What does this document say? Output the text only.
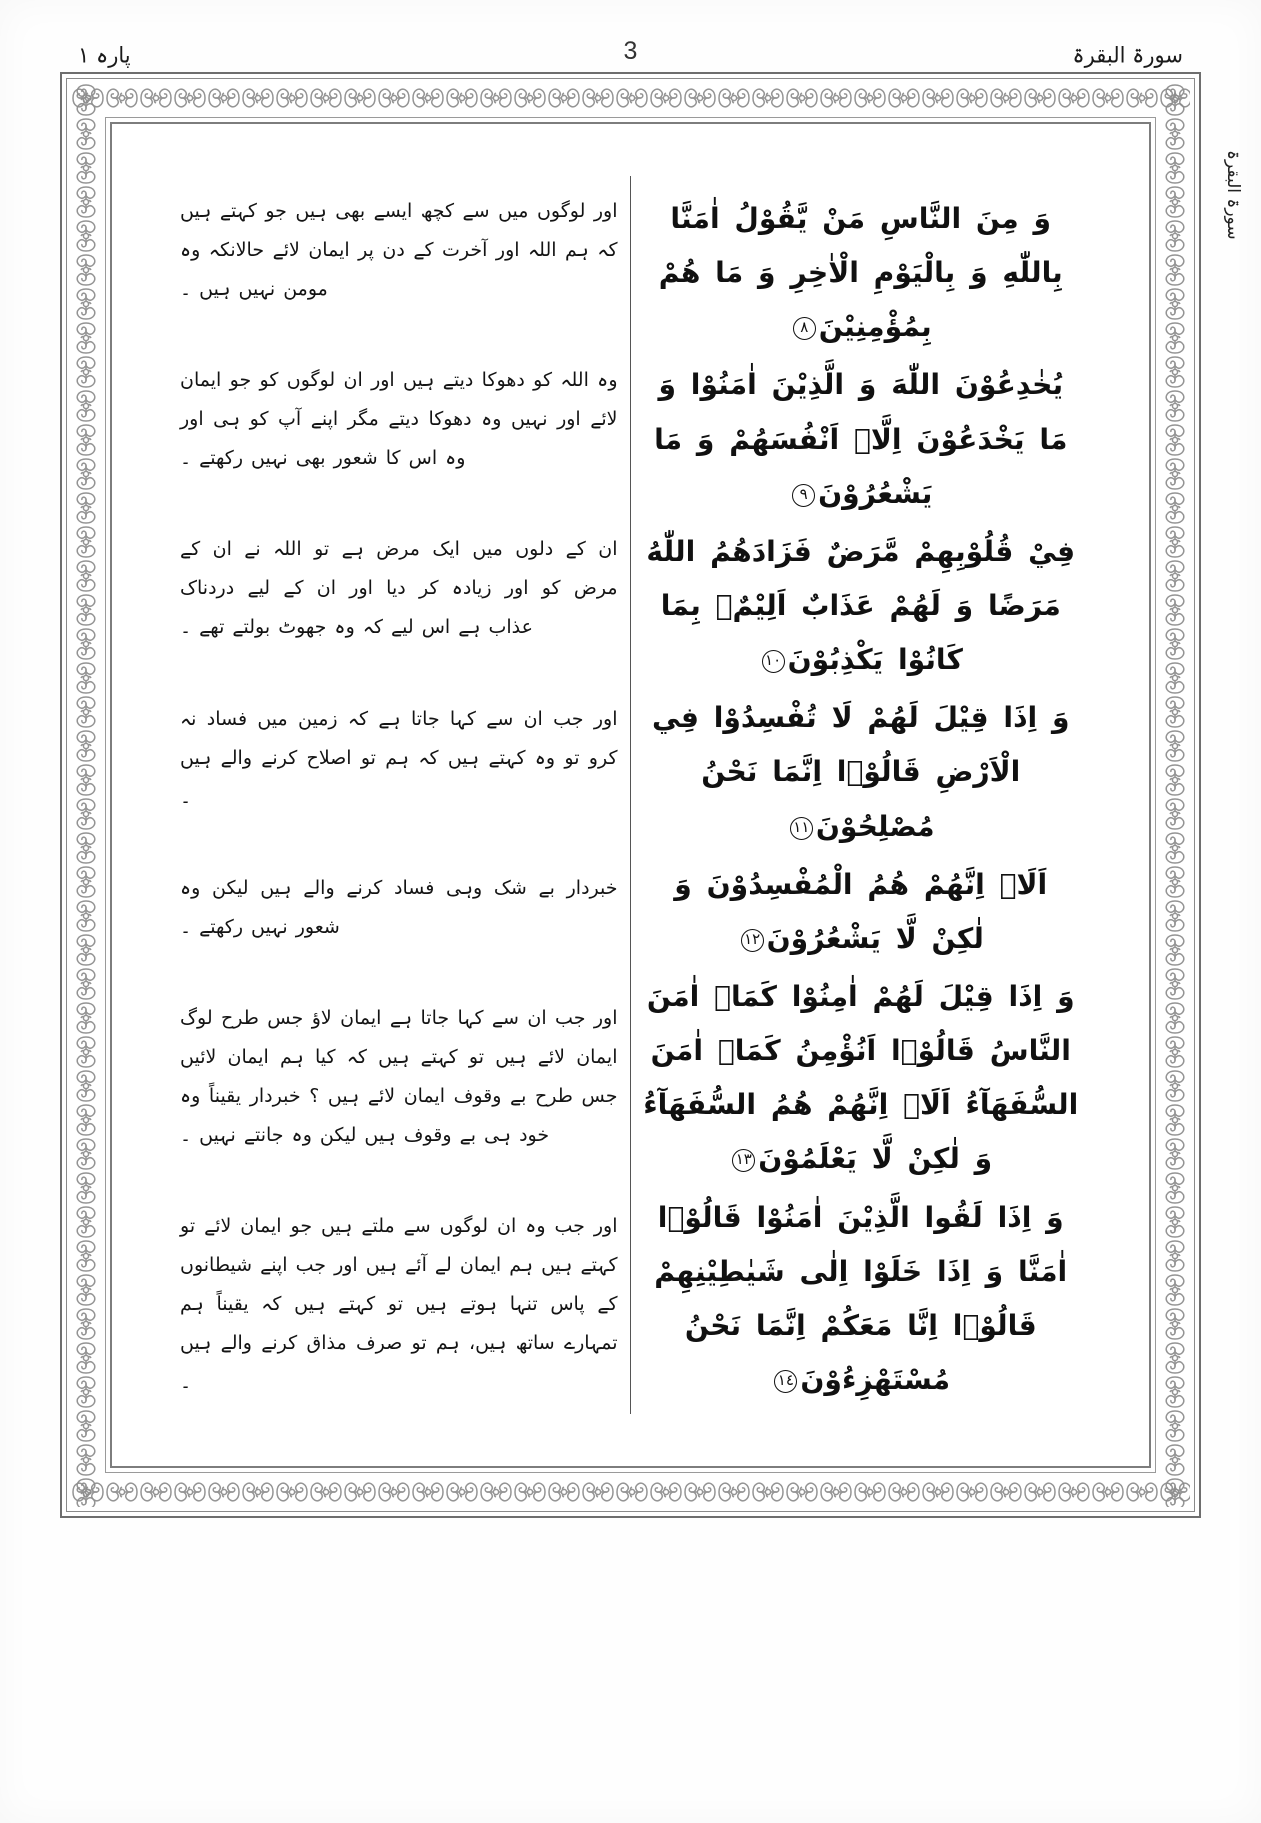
سورۃ البقرۃ
پارہ ١	3
وَ مِنَ النَّاسِ مَنْ يَّقُوْلُ اٰمَنَّا بِاللّٰهِ وَ بِالْيَوْمِ الْاٰخِرِ وَ مَا هُمْ بِمُؤْمِنِيْنَ٨
يُخٰدِعُوْنَ اللّٰهَ وَ الَّذِيْنَ اٰمَنُوْا وَ مَا يَخْدَعُوْنَ اِلَّاۤ اَنْفُسَهُمْ وَ مَا يَشْعُرُوْنَ٩
فِيْ قُلُوْبِهِمْ مَّرَضٌ فَزَادَهُمُ اللّٰهُ مَرَضًا وَ لَهُمْ عَذَابٌ اَلِيْمٌۢ بِمَا كَانُوْا يَكْذِبُوْنَ١٠
وَ اِذَا قِيْلَ لَهُمْ لَا تُفْسِدُوْا فِي الْاَرْضِ قَالُوْۤا اِنَّمَا نَحْنُ مُصْلِحُوْنَ١١
اَلَاۤ اِنَّهُمْ هُمُ الْمُفْسِدُوْنَ وَ لٰكِنْ لَّا يَشْعُرُوْنَ١٢
وَ اِذَا قِيْلَ لَهُمْ اٰمِنُوْا كَمَاۤ اٰمَنَ النَّاسُ قَالُوْۤا اَنُؤْمِنُ كَمَاۤ اٰمَنَ السُّفَهَآءُ اَلَاۤ اِنَّهُمْ هُمُ السُّفَهَآءُ وَ لٰكِنْ لَّا يَعْلَمُوْنَ١٣
وَ اِذَا لَقُوا الَّذِيْنَ اٰمَنُوْا قَالُوْۤا اٰمَنَّا وَ اِذَا خَلَوْا اِلٰى شَيٰطِيْنِهِمْ قَالُوْۤا اِنَّا مَعَكُمْ اِنَّمَا نَحْنُ مُسْتَهْزِءُوْنَ١٤
اور لوگوں میں سے کچھ ایسے بھی ہیں جو کہتے ہیں کہ ہم اللہ اور آخرت کے دن پر ایمان لائے حالانکہ وہ مومن نہیں ہیں ۔
وہ اللہ کو دھوکا دیتے ہیں اور ان لوگوں کو جو ایمان لائے اور نہیں وہ دھوکا دیتے مگر اپنے آپ کو ہی اور وہ اس کا شعور بھی نہیں رکھتے ۔
ان کے دلوں میں ایک مرض ہے تو اللہ نے ان کے مرض کو اور زیادہ کر دیا اور ان کے لیے دردناک عذاب ہے اس لیے کہ وہ جھوٹ بولتے تھے ۔
اور جب ان سے کہا جاتا ہے کہ زمین میں فساد نہ کرو تو وہ کہتے ہیں کہ ہم تو اصلاح کرنے والے ہیں ۔
خبردار بے شک وہی فساد کرنے والے ہیں لیکن وہ شعور نہیں رکھتے ۔
اور جب ان سے کہا جاتا ہے ایمان لاؤ جس طرح لوگ ایمان لائے ہیں تو کہتے ہیں کہ کیا ہم ایمان لائیں جس طرح بے وقوف ایمان لائے ہیں ؟ خبردار یقیناً وہ خود ہی بے وقوف ہیں لیکن وہ جانتے نہیں ۔
اور جب وہ ان لوگوں سے ملتے ہیں جو ایمان لائے تو کہتے ہیں ہم ایمان لے آئے ہیں اور جب اپنے شیطانوں کے پاس تنہا ہوتے ہیں تو کہتے ہیں کہ یقیناً ہم تمہارے ساتھ ہیں، ہم تو صرف مذاق کرنے والے ہیں ۔
سورۃ البقرۃ
